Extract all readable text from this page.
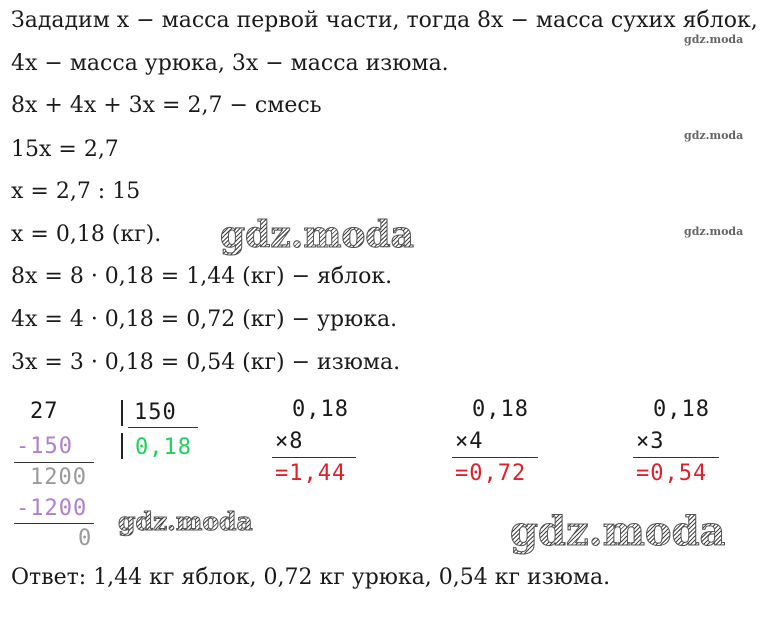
Зададим x − масса первой части, тогда 8x − масса сухих яблок,
4x − масса урюка, 3x − масса изюма.
8x + 4x + 3x = 2,7 − смесь
15x = 2,7
x = 2,7 : 15
x = 0,18 (кг).
8x = 8 · 0,18 = 1,44 (кг) − яблок.
4x = 4 · 0,18 = 0,72 (кг) − урюка.
3x = 3 · 0,18 = 0,54 (кг) − изюма.
27	150
0,18
-150
1200
-1200
0
0,18
×8
=1,44
0,18
×4
=0,72
0,18
×3
=0,54
Ответ: 1,44 кг яблок, 0,72 кг урюка, 0,54 кг изюма.
gdz.moda
gdz.moda
gdz.moda
gdz.moda
gdz.moda	gdz.moda
